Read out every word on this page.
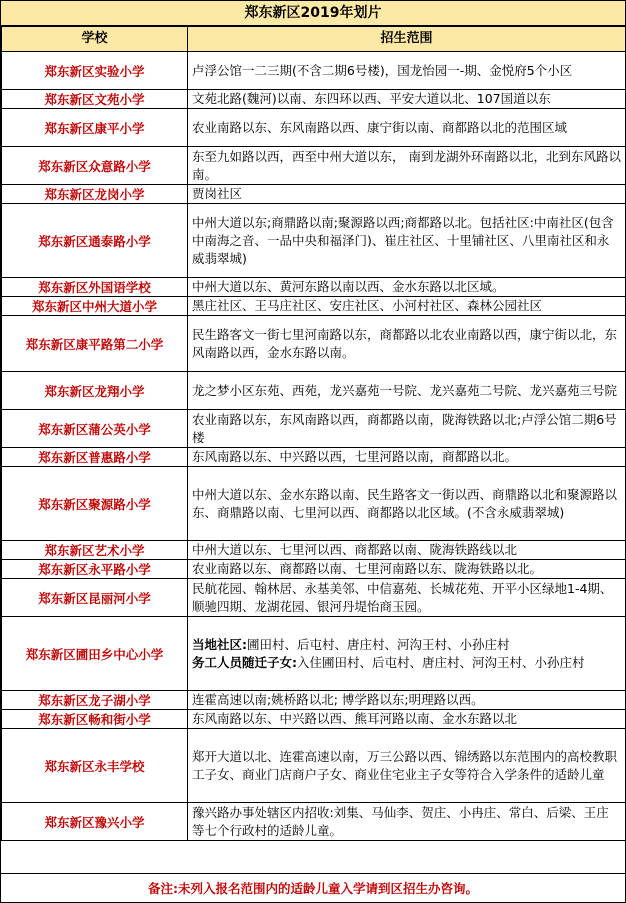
郑东新区2019年划片
学校	招生范围
郑东新区实验小学	卢浮公馆一二三期(不含二期6号楼)，国龙怡园一-期、金悦府5个小区
郑东新区文苑小学	文苑北路(魏河)以南、东四环以西、平安大道以北、107国道以东
郑东新区康平小学	农业南路以东、东风南路以西、康宁街以南、商都路以北的范围区域
郑东新区众意路小学	东至九如路以西，西至中州大道以东， 南到龙湖外环南路以北，北到东风路以南。
郑东新区龙岗小学	贾岗社区
郑东新区通泰路小学	中州大道以东;商鼎路以南;聚源路以西;商都路以北。包括社区:中南社区(包含中南海之音、一品中央和福泽门)、崔庄社区、十里铺社区、八里南社区和永威翡翠城)
郑东新区外国语学校	中州大道以东、黄河东路以南以西、金水东路以北区域。
郑东新区中州大道小学	黑庄社区、王马庄社区、安庄社区、小河村社区、森林公园社区
郑东新区康平路第二小学	民生路客文一街七里河南路以东，商都路以北农业南路以西，康宁街以北，东风南路以西，金水东路以南。
郑东新区龙翔小学	龙之梦小区东苑、西苑，龙兴嘉苑一号院、龙兴嘉苑二号院、龙兴嘉苑三号院
郑东新区蒲公英小学	农业南路以东，东风南路以西，商都路以南，陇海铁路以北;卢浮公馆二期6号楼
郑东新区普惠路小学	东风南路以东、中兴路以西，七里河路以南，商都路以北。
郑东新区聚源路小学	中州大道以东、金水东路以南、民生路客文一街以西、商鼎路以北和聚源路以东、商鼎路以南、七里河以西、商都路以北区域。(不含永威翡翠城)
郑东新区艺术小学	中州大道以东、七里河以西、商都路以南、陇海铁路线以北
郑东新区永平路小学	农业南路以东、商都路以南、七里河南路以东、陇海铁路以北。
郑东新区昆丽河小学	民航花园、翰林居、永基美邻、中信嘉苑、长城花苑、开平小区绿地1-4期、顺驰四期、龙湖花园、银河丹堤怡商玉园。
郑东新区圃田乡中心小学	当地社区:圃田村、后屯村、唐庄村、河沟王村、小孙庄村
务工人员随迁子女:入住圃田村、后屯村、唐庄村、河沟王村、小孙庄村
郑东新区龙子湖小学	连霍高速以南;姚桥路以北; 博学路以东;明理路以西。
郑东新区畅和街小学	东风南路以东、中兴路以西、熊耳河路以南、金水东路以北
郑东新区永丰学校	郑开大道以北、连霍高速以南，万三公路以西、锦绣路以东范围内的高校教职工子女、商业门店商户子女、商业住宅业主子女等符合入学条件的适龄儿童
郑东新区豫兴小学	豫兴路办事处辖区内招收:刘集、马仙李、贺庄、小冉庄、常白、后梁、王庄等七个行政村的适龄儿童。
备注:未列入报名范围内的适龄儿童入学请到区招生办咨询。
